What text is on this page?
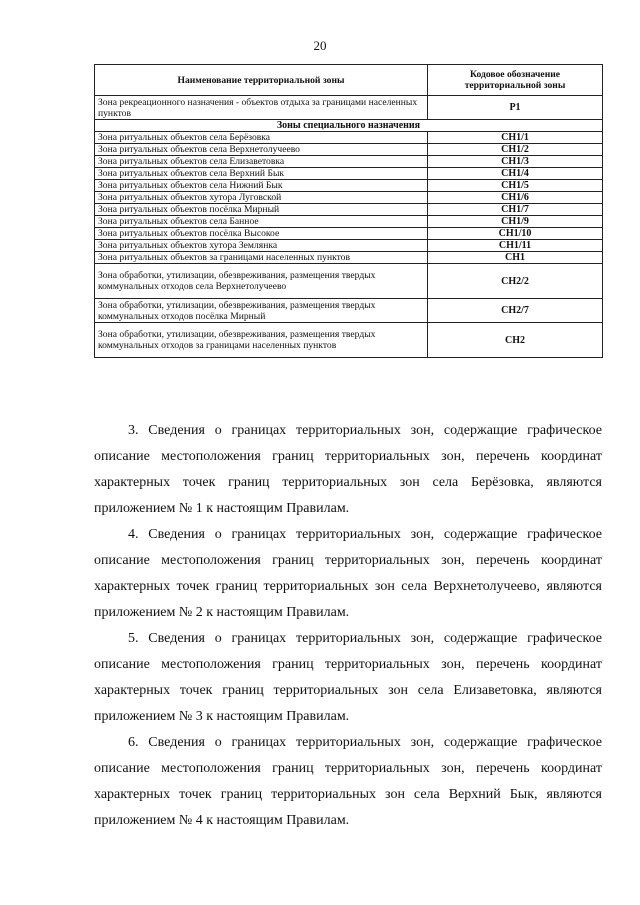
20
Наименование территориальной зоны	Кодовое обозначение территориальной зоны
Зона рекреационного назначения - объектов отдыха за границами населенных пунктов	Р1
Зоны специального назначения	
Зона ритуальных объектов села Берёзовка	СН1/1
Зона ритуальных объектов села Верхнетолучеево	СН1/2
Зона ритуальных объектов села Елизаветовка	СН1/3
Зона ритуальных объектов села Верхний Бык	СН1/4
Зона ритуальных объектов села Нижний Бык	СН1/5
Зона ритуальных объектов хутора Луговской	СН1/6
Зона ритуальных объектов посёлка Мирный	СН1/7
Зона ритуальных объектов села Банное	СН1/9
Зона ритуальных объектов посёлка Высокое	СН1/10
Зона ритуальных объектов хутора Землянка	СН1/11
Зона ритуальных объектов за границами населенных пунктов	СН1
Зона обработки, утилизации, обезвреживания, размещения твердых коммунальных отходов села Верхнетолучеево	СН2/2
Зона обработки, утилизации, обезвреживания, размещения твердых коммунальных отходов посёлка Мирный	СН2/7
Зона обработки, утилизации, обезвреживания, размещения твердых коммунальных отходов за границами населенных пунктов	СН2

3. Сведения о границах территориальных зон, содержащие графическое описание местоположения границ территориальных зон, перечень координат характерных точек границ территориальных зон села Берёзовка, являются приложением № 1 к настоящим Правилам.

4. Сведения о границах территориальных зон, содержащие графическое описание местоположения границ территориальных зон, перечень координат характерных точек границ территориальных зон села Верхнетолучеево, являются приложением № 2 к настоящим Правилам.

5. Сведения о границах территориальных зон, содержащие графическое описание местоположения границ территориальных зон, перечень координат характерных точек границ территориальных зон села Елизаветовка, являются приложением № 3 к настоящим Правилам.

6. Сведения о границах территориальных зон, содержащие графическое описание местоположения границ территориальных зон, перечень координат характерных точек границ территориальных зон села Верхний Бык, являются приложением № 4 к настоящим Правилам.
